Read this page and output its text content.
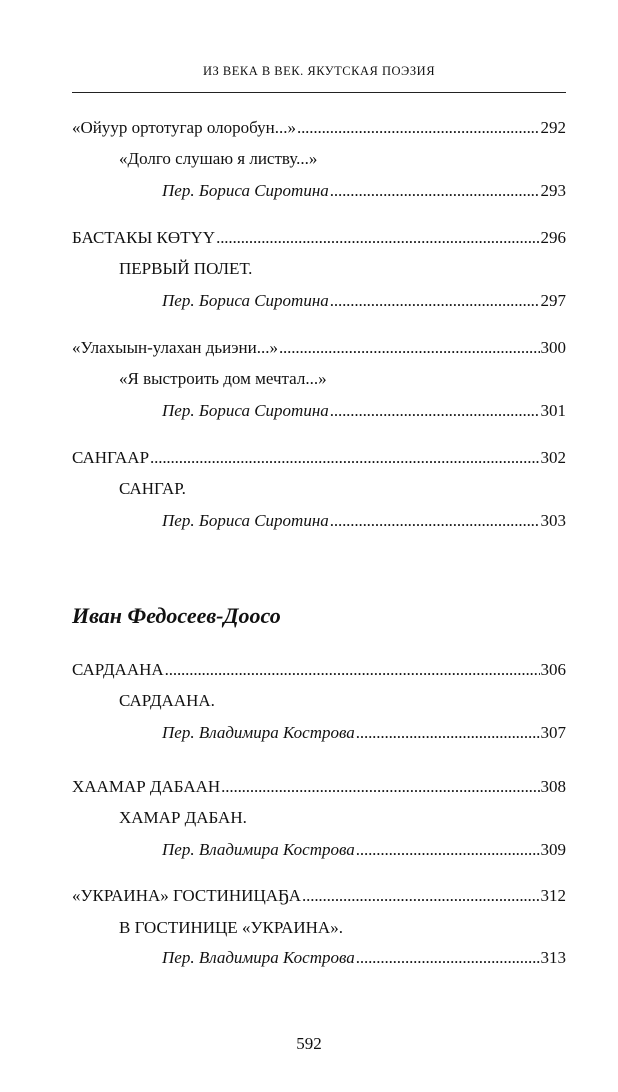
ИЗ ВЕКА В ВЕК. ЯКУТСКАЯ ПОЭЗИЯ
«Ойуур ортотугар олоробун...» . . .	292
«Долго слушаю я листву...»
Пер. Бориса Сиротина . . .	293
БАСТАКЫ КӨТҮҮ . . .	296
ПЕРВЫЙ ПОЛЕТ.
Пер. Бориса Сиротина . . .	297
«Улахыын-улахан дьиэни...» . . .	300
«Я выстроить дом мечтал...»
Пер. Бориса Сиротина . . .	301
САНГААР . . .	302
САНГАР.
Пер. Бориса Сиротина . . .	303
Иван Федосеев-Доосо
САРДААНА . . .	306
САРДААНА.
Пер. Владимира Кострова . . .	307
ХААМАР ДАБААН . . .	308
ХАМАР ДАБАН.
Пер. Владимира Кострова . . .	309
«УКРАИНА» ГОСТИНИЦАҔА . . .	312
В ГОСТИНИЦЕ «УКРАИНА».
Пер. Владимира Кострова . . .	313
592
